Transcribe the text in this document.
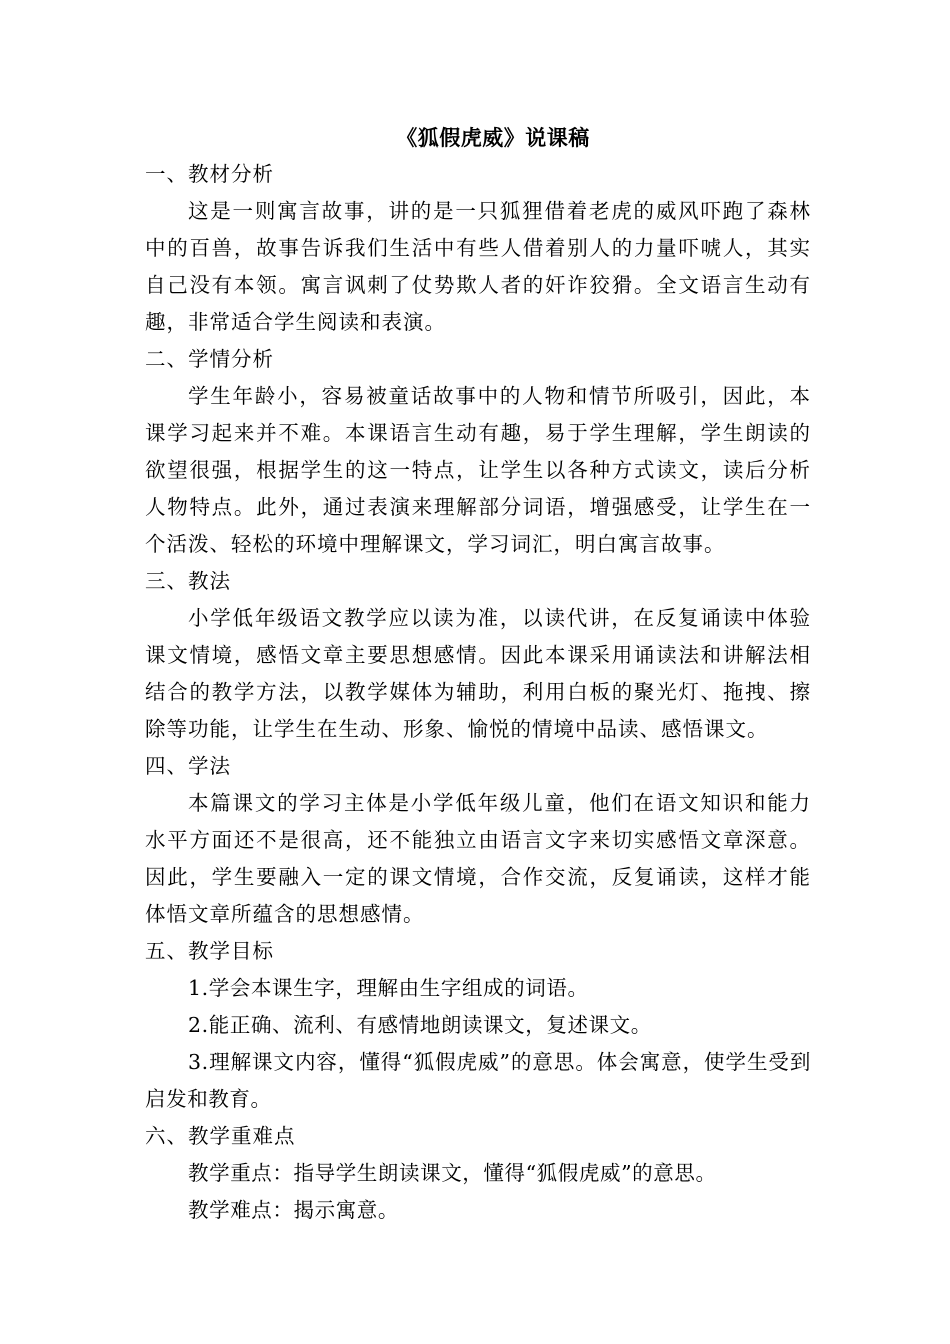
《狐假虎威》说课稿

一、教材分析

这是一则寓言故事，讲的是一只狐狸借着老虎的威风吓跑了森林中的百兽，故事告诉我们生活中有些人借着别人的力量吓唬人，其实自己没有本领。寓言讽刺了仗势欺人者的奸诈狡猾。全文语言生动有趣，非常适合学生阅读和表演。

二、学情分析

学生年龄小，容易被童话故事中的人物和情节所吸引，因此，本课学习起来并不难。本课语言生动有趣，易于学生理解，学生朗读的欲望很强，根据学生的这一特点，让学生以各种方式读文，读后分析人物特点。此外，通过表演来理解部分词语，增强感受，让学生在一个活泼、轻松的环境中理解课文，学习词汇，明白寓言故事。

三、教法

小学低年级语文教学应以读为准，以读代讲，在反复诵读中体验课文情境，感悟文章主要思想感情。因此本课采用诵读法和讲解法相结合的教学方法，以教学媒体为辅助，利用白板的聚光灯、拖拽、擦除等功能，让学生在生动、形象、愉悦的情境中品读、感悟课文。

四、学法

本篇课文的学习主体是小学低年级儿童，他们在语文知识和能力水平方面还不是很高，还不能独立由语言文字来切实感悟文章深意。因此，学生要融入一定的课文情境，合作交流，反复诵读，这样才能体悟文章所蕴含的思想感情。

五、教学目标

1.学会本课生字，理解由生字组成的词语。

2.能正确、流利、有感情地朗读课文，复述课文。

3.理解课文内容，懂得“狐假虎威”的意思。体会寓意，使学生受到启发和教育。

六、教学重难点

教学重点：指导学生朗读课文，懂得“狐假虎威”的意思。

教学难点：揭示寓意。
